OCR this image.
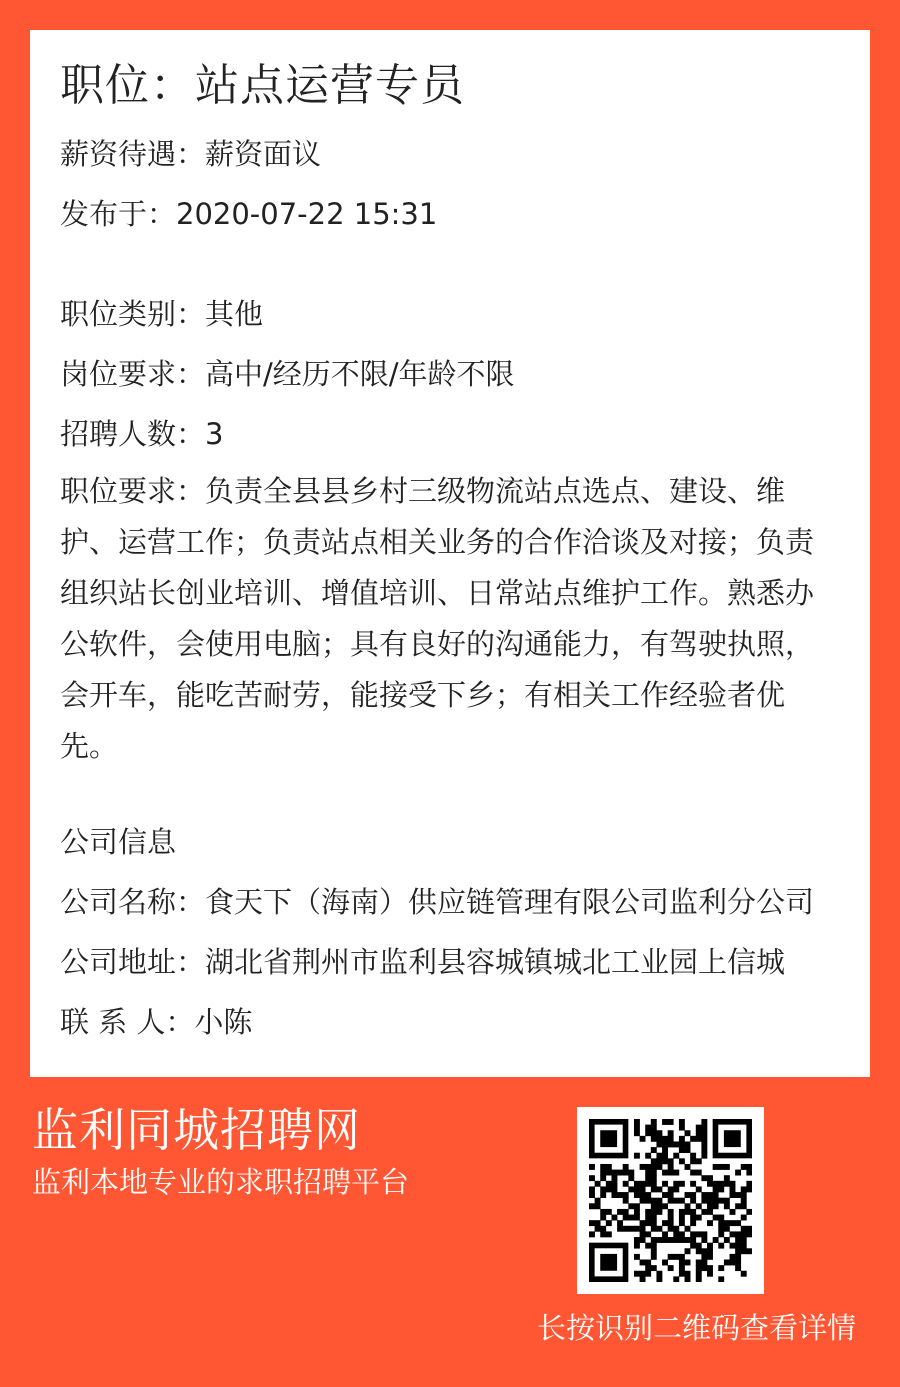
职位：站点运营专员
薪资待遇：薪资面议
发布于：2020-07-22 15:31
职位类别：其他
岗位要求：高中/经历不限/年龄不限
招聘人数：3
职位要求：负责全县县乡村三级物流站点选点、建设、维护、运营工作；负责站点相关业务的合作洽谈及对接；负责组织站长创业培训、增值培训、日常站点维护工作。熟悉办公软件，会使用电脑；具有良好的沟通能力，有驾驶执照，会开车，能吃苦耐劳，能接受下乡；有相关工作经验者优先。
公司信息
公司名称：食天下（海南）供应链管理有限公司监利分公司
公司地址：湖北省荆州市监利县容城镇城北工业园上信城
联 系 人：小陈
监利同城招聘网
监利本地专业的求职招聘平台
长按识别二维码查看详情
